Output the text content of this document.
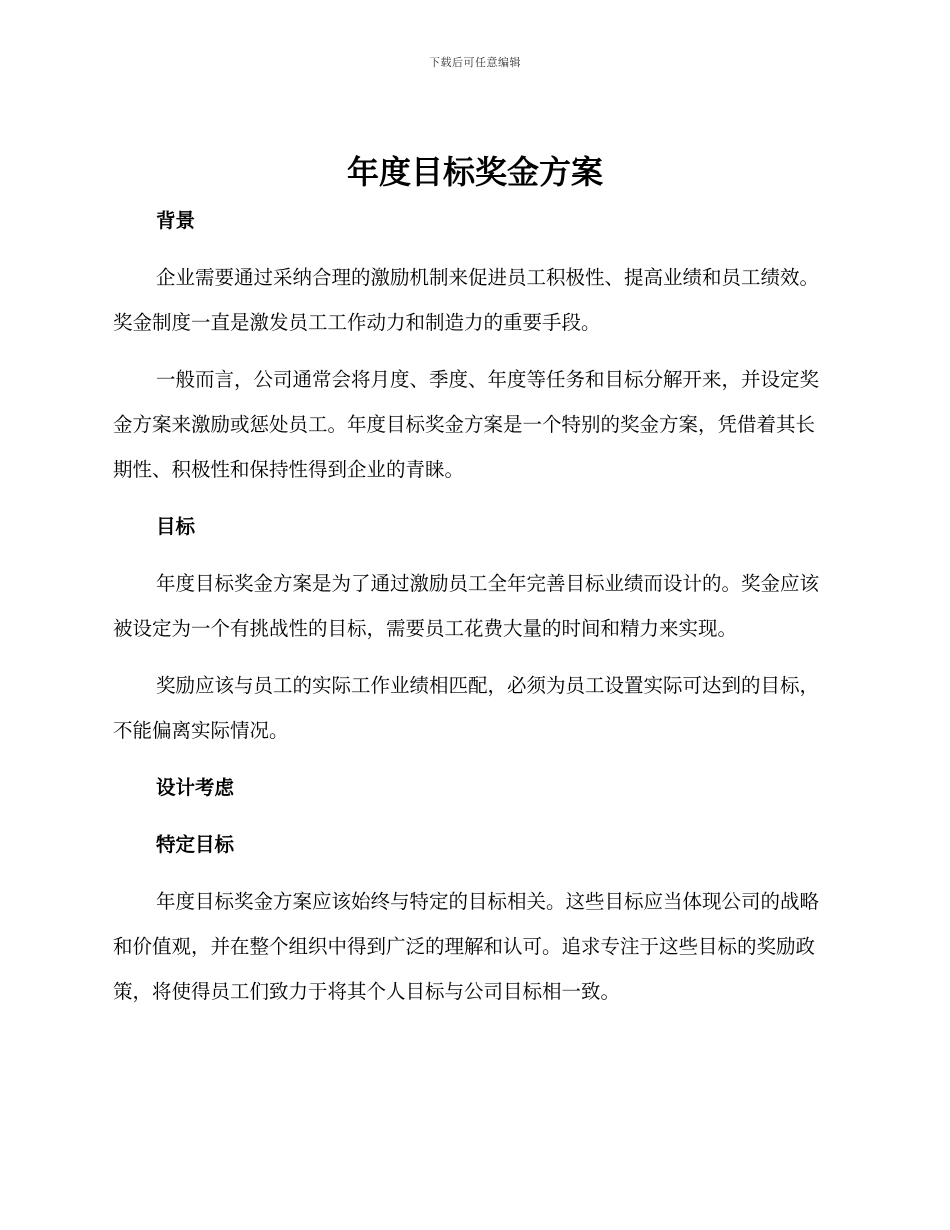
下载后可任意编辑
年度目标奖金方案
背景

企业需要通过采纳合理的激励机制来促进员工积极性、提高业绩和员工绩效。奖金制度一直是激发员工工作动力和制造力的重要手段。

一般而言，公司通常会将月度、季度、年度等任务和目标分解开来，并设定奖金方案来激励或惩处员工。年度目标奖金方案是一个特别的奖金方案，凭借着其长期性、积极性和保持性得到企业的青睐。

目标

年度目标奖金方案是为了通过激励员工全年完善目标业绩而设计的。奖金应该被设定为一个有挑战性的目标，需要员工花费大量的时间和精力来实现。

奖励应该与员工的实际工作业绩相匹配，必须为员工设置实际可达到的目标，不能偏离实际情况。

设计考虑
特定目标

年度目标奖金方案应该始终与特定的目标相关。这些目标应当体现公司的战略和价值观，并在整个组织中得到广泛的理解和认可。追求专注于这些目标的奖励政策，将使得员工们致力于将其个人目标与公司目标相一致。
